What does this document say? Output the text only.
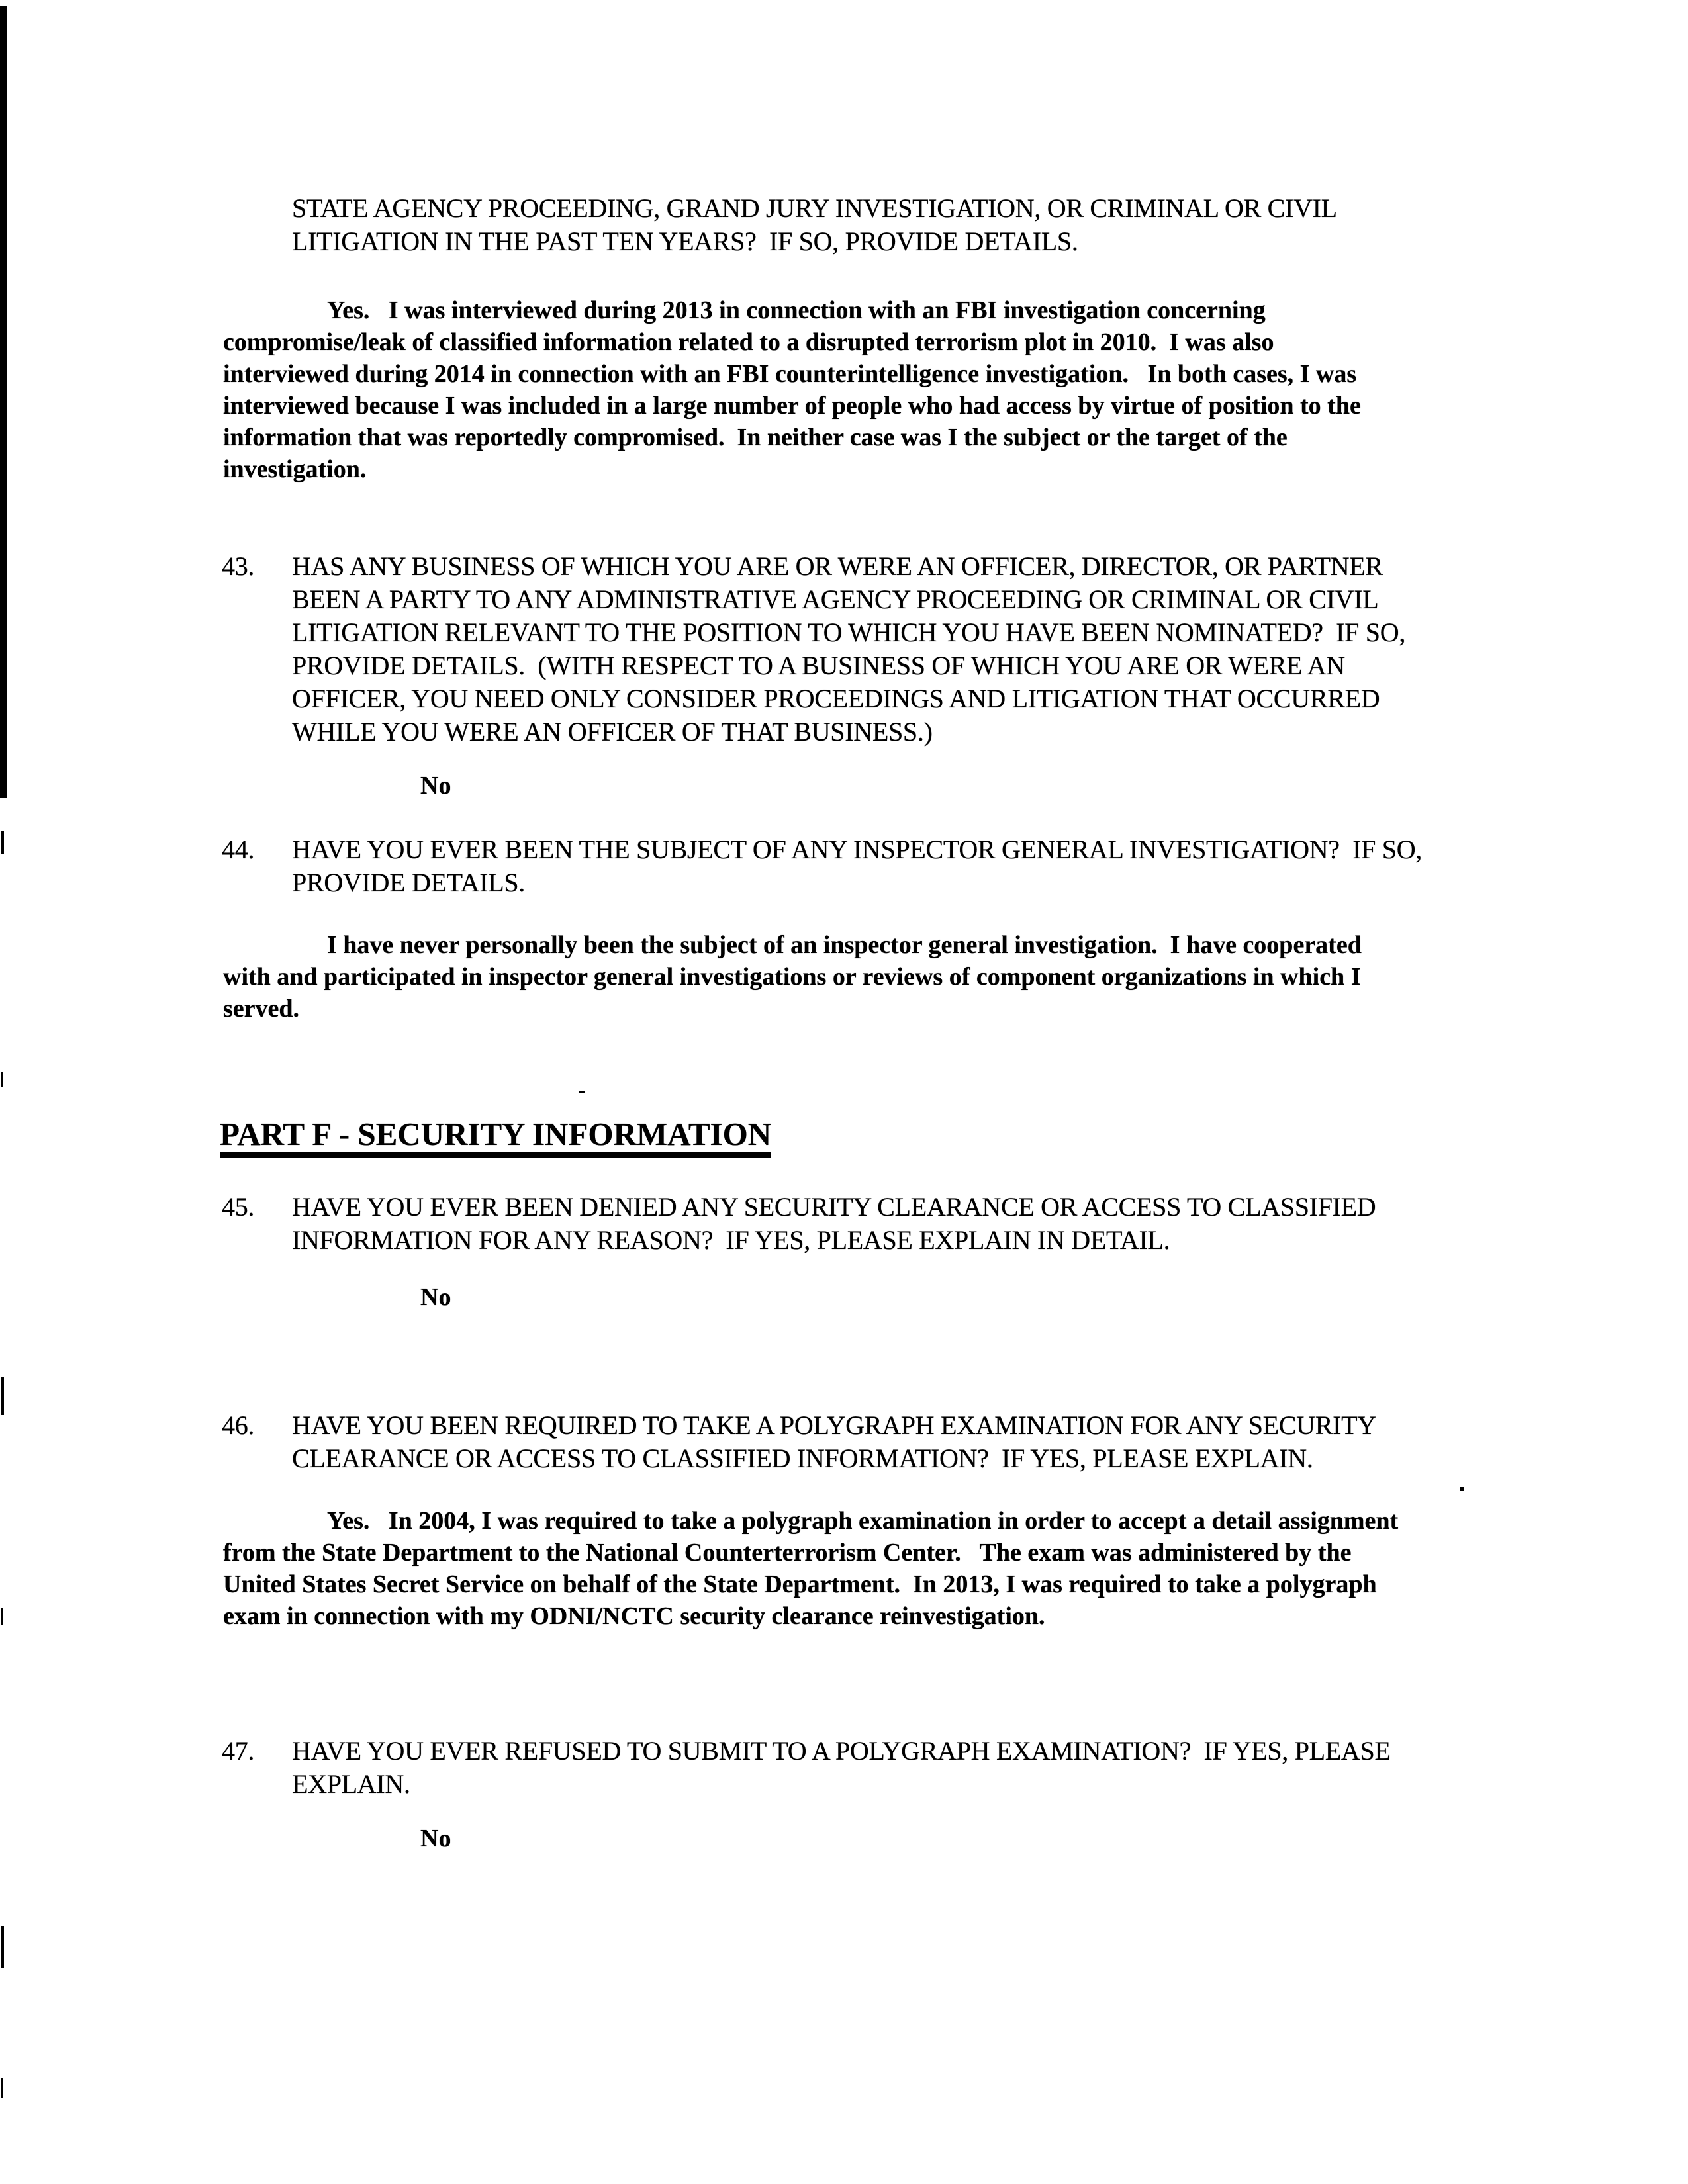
STATE AGENCY PROCEEDING, GRAND JURY INVESTIGATION, OR CRIMINAL OR CIVIL
LITIGATION IN THE PAST TEN YEARS?  IF SO, PROVIDE DETAILS.
Yes.   I was interviewed during 2013 in connection with an FBI investigation concerning
compromise/leak of classified information related to a disrupted terrorism plot in 2010.  I was also
interviewed during 2014 in connection with an FBI counterintelligence investigation.   In both cases, I was
interviewed because I was included in a large number of people who had access by virtue of position to the
information that was reportedly compromised.  In neither case was I the subject or the target of the
investigation.
43. HAS ANY BUSINESS OF WHICH YOU ARE OR WERE AN OFFICER, DIRECTOR, OR PARTNER
BEEN A PARTY TO ANY ADMINISTRATIVE AGENCY PROCEEDING OR CRIMINAL OR CIVIL
LITIGATION RELEVANT TO THE POSITION TO WHICH YOU HAVE BEEN NOMINATED?  IF SO,
PROVIDE DETAILS.  (WITH RESPECT TO A BUSINESS OF WHICH YOU ARE OR WERE AN
OFFICER, YOU NEED ONLY CONSIDER PROCEEDINGS AND LITIGATION THAT OCCURRED
WHILE YOU WERE AN OFFICER OF THAT BUSINESS.)
No
44. HAVE YOU EVER BEEN THE SUBJECT OF ANY INSPECTOR GENERAL INVESTIGATION?  IF SO,
PROVIDE DETAILS.
I have never personally been the subject of an inspector general investigation.  I have cooperated
with and participated in inspector general investigations or reviews of component organizations in which I
served.
PART F - SECURITY INFORMATION
45. HAVE YOU EVER BEEN DENIED ANY SECURITY CLEARANCE OR ACCESS TO CLASSIFIED
INFORMATION FOR ANY REASON?  IF YES, PLEASE EXPLAIN IN DETAIL.
No
46. HAVE YOU BEEN REQUIRED TO TAKE A POLYGRAPH EXAMINATION FOR ANY SECURITY
CLEARANCE OR ACCESS TO CLASSIFIED INFORMATION?  IF YES, PLEASE EXPLAIN.
Yes.   In 2004, I was required to take a polygraph examination in order to accept a detail assignment
from the State Department to the National Counterterrorism Center.   The exam was administered by the
United States Secret Service on behalf of the State Department.  In 2013, I was required to take a polygraph
exam in connection with my ODNI/NCTC security clearance reinvestigation.
47. HAVE YOU EVER REFUSED TO SUBMIT TO A POLYGRAPH EXAMINATION?  IF YES, PLEASE
EXPLAIN.
No
